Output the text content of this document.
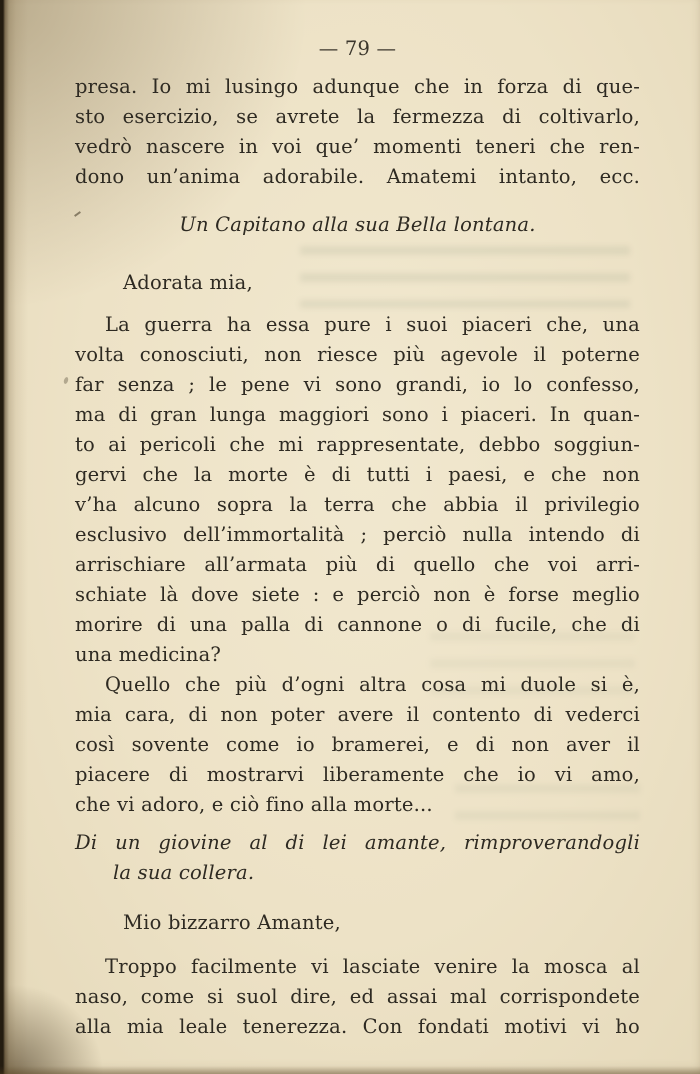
— 79 —
presa. Io mi lusingo adunque che in forza di que-
sto esercizio, se avrete la fermezza di coltivarlo,
vedrò nascere in voi que’ momenti teneri che ren-
dono un’anima adorabile. Amatemi intanto, ecc.
Un Capitano alla sua Bella lontana.
Adorata mia,
La guerra ha essa pure i suoi piaceri che, una
volta conosciuti, non riesce più agevole il poterne
far senza ; le pene vi sono grandi, io lo confesso,
ma di gran lunga maggiori sono i piaceri. In quan-
to ai pericoli che mi rappresentate, debbo soggiun-
gervi che la morte è di tutti i paesi, e che non
v’ha alcuno sopra la terra che abbia il privilegio
esclusivo dell’immortalità ; perciò nulla intendo di
arrischiare all’armata più di quello che voi arri-
schiate là dove siete : e perciò non è forse meglio
morire di una palla di cannone o di fucile, che di
una medicina?
Quello che più d’ogni altra cosa mi duole si è,
mia cara, di non poter avere il contento di vederci
così sovente come io bramerei, e di non aver il
piacere di mostrarvi liberamente che io vi amo,
che vi adoro, e ciò fino alla morte...
Di un giovine al di lei amante, rimproverandogli
la sua collera.
Mio bizzarro Amante,
Troppo facilmente vi lasciate venire la mosca al
naso, come si suol dire, ed assai mal corrispondete
alla mia leale tenerezza. Con fondati motivi vi ho
